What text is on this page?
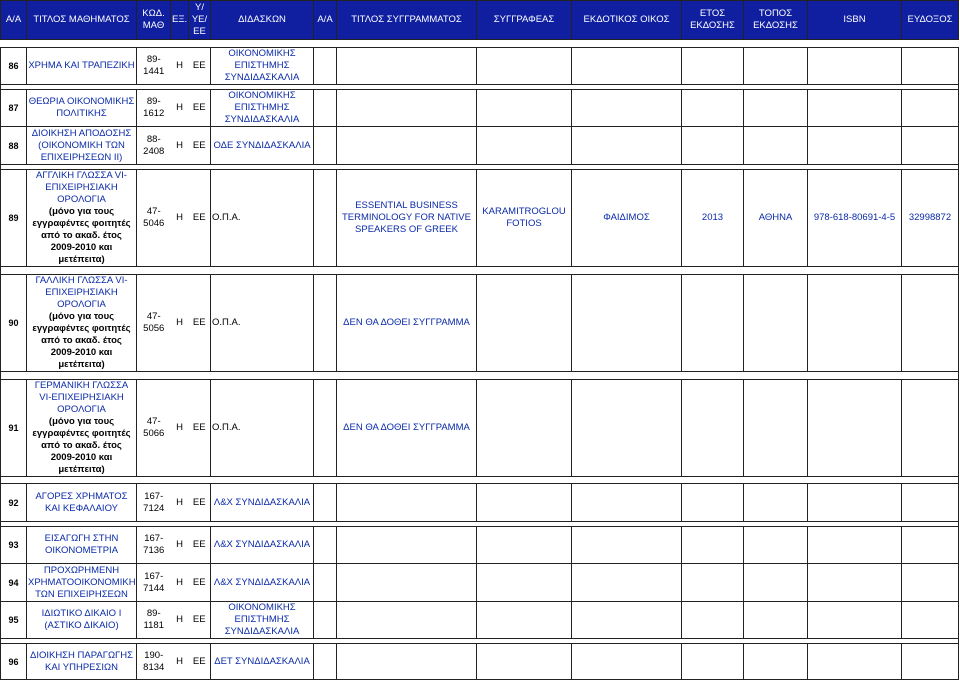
Α/Α	ΤΙΤΛΟΣ ΜΑΘΗΜΑΤΟΣ	ΚΩΔ. ΜΑΘ	ΕΞ.	Υ/ΥΕ/ΕΕ	ΔΙΔΑΣΚΩΝ	Α/Α	ΤΙΤΛΟΣ ΣΥΓΓΡΑΜΜΑΤΟΣ	ΣΥΓΓΡΑΦΕΑΣ	ΕΚΔΟΤΙΚΟΣ ΟΙΚΟΣ	ΕΤΟΣ ΕΚΔΟΣΗΣ	ΤΟΠΟΣ ΕΚΔΟΣΗΣ	ISBN	ΕΥΔΟΞΟΣ

86	ΧΡΗΜΑ ΚΑΙ ΤΡΑΠΕΖΙΚΗ	89-1441	Η	ΕΕ	ΟΙΚΟΝΟΜΙΚΗΣ ΕΠΙΣΤΗΜΗΣ ΣΥΝΔΙΔΑΣΚΑΛΙΑ								

87	ΘΕΩΡΙΑ ΟΙΚΟΝΟΜΙΚΗΣ ΠΟΛΙΤΙΚΗΣ	89-1612	Η	ΕΕ	ΟΙΚΟΝΟΜΙΚΗΣ ΕΠΙΣΤΗΜΗΣ ΣΥΝΔΙΔΑΣΚΑΛΙΑ								
88	ΔΙΟΙΚΗΣΗ ΑΠΟΔΟΣΗΣ (ΟΙΚΟΝΟΜΙΚΗ ΤΩΝ ΕΠΙΧΕΙΡΗΣΕΩΝ ΙΙ)	88-2408	Η	ΕΕ	ΟΔΕ ΣΥΝΔΙΔΑΣΚΑΛΙΑ								

89	ΑΓΓΛΙΚΗ ΓΛΩΣΣΑ VI-ΕΠΙΧΕΙΡΗΣΙΑΚΗ ΟΡΟΛΟΓΙΑ
(μόνο για τους εγγραφέντες φοιτητές από το ακαδ. έτος 2009-2010 και μετέπειτα)	47-5046	Η	ΕΕ	Ο.Π.Α.		ESSENTIAL BUSINESS TERMINOLOGY FOR NATIVE SPEAKERS OF GREEK	KARAMITROGLOU FOTIOS	ΦΑΙΔΙΜΟΣ	2013	ΑΘΗΝΑ	978-618-80691-4-5	32998872

90	ΓΑΛΛΙΚΗ ΓΛΩΣΣΑ VI-ΕΠΙΧΕΙΡΗΣΙΑΚΗ ΟΡΟΛΟΓΙΑ
(μόνο για τους εγγραφέντες φοιτητές από το ακαδ. έτος 2009-2010 και μετέπειτα)	47-5056	Η	ΕΕ	Ο.Π.Α.		ΔΕΝ ΘΑ ΔΟΘΕΙ ΣΥΓΓΡΑΜΜΑ						

91	ΓΕΡΜΑΝΙΚΗ ΓΛΩΣΣΑ VI-ΕΠΙΧΕΙΡΗΣΙΑΚΗ ΟΡΟΛΟΓΙΑ
(μόνο για τους εγγραφέντες φοιτητές από το ακαδ. έτος 2009-2010 και μετέπειτα)	47-5066	Η	ΕΕ	Ο.Π.Α.		ΔΕΝ ΘΑ ΔΟΘΕΙ ΣΥΓΓΡΑΜΜΑ						

92	ΑΓΟΡΕΣ ΧΡΗΜΑΤΟΣ ΚΑΙ ΚΕΦΑΛΑΙΟΥ	167-7124	Η	ΕΕ	Λ&Χ ΣΥΝΔΙΔΑΣΚΑΛΙΑ								

93	ΕΙΣΑΓΩΓΗ ΣΤΗΝ ΟΙΚΟΝΟΜΕΤΡΙΑ	167-7136	Η	ΕΕ	Λ&Χ ΣΥΝΔΙΔΑΣΚΑΛΙΑ								
94	ΠΡΟΧΩΡΗΜΕΝΗ ΧΡΗΜΑΤΟΟΙΚΟΝΟΜΙΚΗ ΤΩΝ ΕΠΙΧΕΙΡΗΣΕΩΝ	167-7144	Η	ΕΕ	Λ&Χ ΣΥΝΔΙΔΑΣΚΑΛΙΑ								
95	ΙΔΙΩΤΙΚΟ ΔΙΚΑΙΟ Ι (ΑΣΤΙΚΟ ΔΙΚΑΙΟ)	89-1181	Η	ΕΕ	ΟΙΚΟΝΟΜΙΚΗΣ ΕΠΙΣΤΗΜΗΣ ΣΥΝΔΙΔΑΣΚΑΛΙΑ								

96	ΔΙΟΙΚΗΣΗ ΠΑΡΑΓΩΓΗΣ ΚΑΙ ΥΠΗΡΕΣΙΩΝ	190-8134	Η	ΕΕ	ΔΕΤ ΣΥΝΔΙΔΑΣΚΑΛΙΑ								
